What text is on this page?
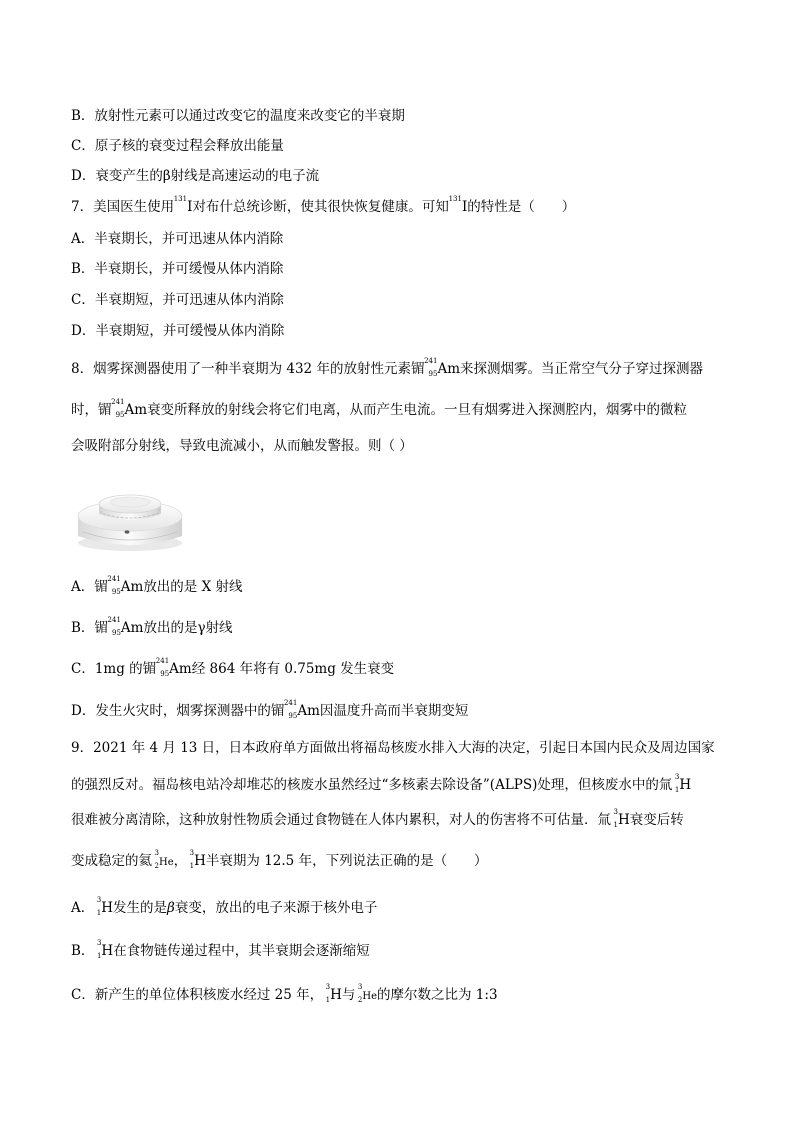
B．放射性元素可以通过改变它的温度来改变它的半衰期
C．原子核的衰变过程会释放出能量
D．衰变产生的β射线是高速运动的电子流
7．美国医生使用 131 I对布什总统诊断，使其很快恢复健康。可知 131 I的特性是（　　）
A．半衰期长，并可迅速从体内消除
B．半衰期长，并可缓慢从体内消除
C．半衰期短，并可迅速从体内消除
D．半衰期短，并可缓慢从体内消除
8．烟雾探测器使用了一种半衰期为 432 年的放射性元素镅 241
95 Am来探测烟雾。当正常空气分子穿过探测器
时，镅 241
95 Am衰变所释放的射线会将它们电离，从而产生电流。一旦有烟雾进入探测腔内，烟雾中的微粒
会吸附部分射线，导致电流减小，从而触发警报。则（ ）
A．镅 241
95 Am放出的是 X 射线
B．镅 241
95 Am放出的是γ射线
C．1mg 的镅 241
95 Am经 864 年将有 0.75mg 发生衰变
D．发生火灾时，烟雾探测器中的镅 241
95 Am因温度升高而半衰期变短
9．2021 年 4 月 13 日，日本政府单方面做出将福岛核废水排入大海的决定，引起日本国内民众及周边国家
的强烈反对。福岛核电站冷却堆芯的核废水虽然经过“多核素去除设备”(ALPS)处理，但核废水中的氚 3
1 H
很难被分离清除，这种放射性物质会通过食物链在人体内累积，对人的伤害将不可估量．氚 3
1 H衰变后转
变成稳定的氦 3
2 He， 3
1 H半衰期为 12.5 年，下列说法正确的是（　　）
A． 3
1 H发生的是β衰变，放出的电子来源于核外电子
B． 3
1 H在食物链传递过程中，其半衰期会逐渐缩短
C．新产生的单位体积核废水经过 25 年， 3
1 H与 3
2 He的摩尔数之比为 1:3
